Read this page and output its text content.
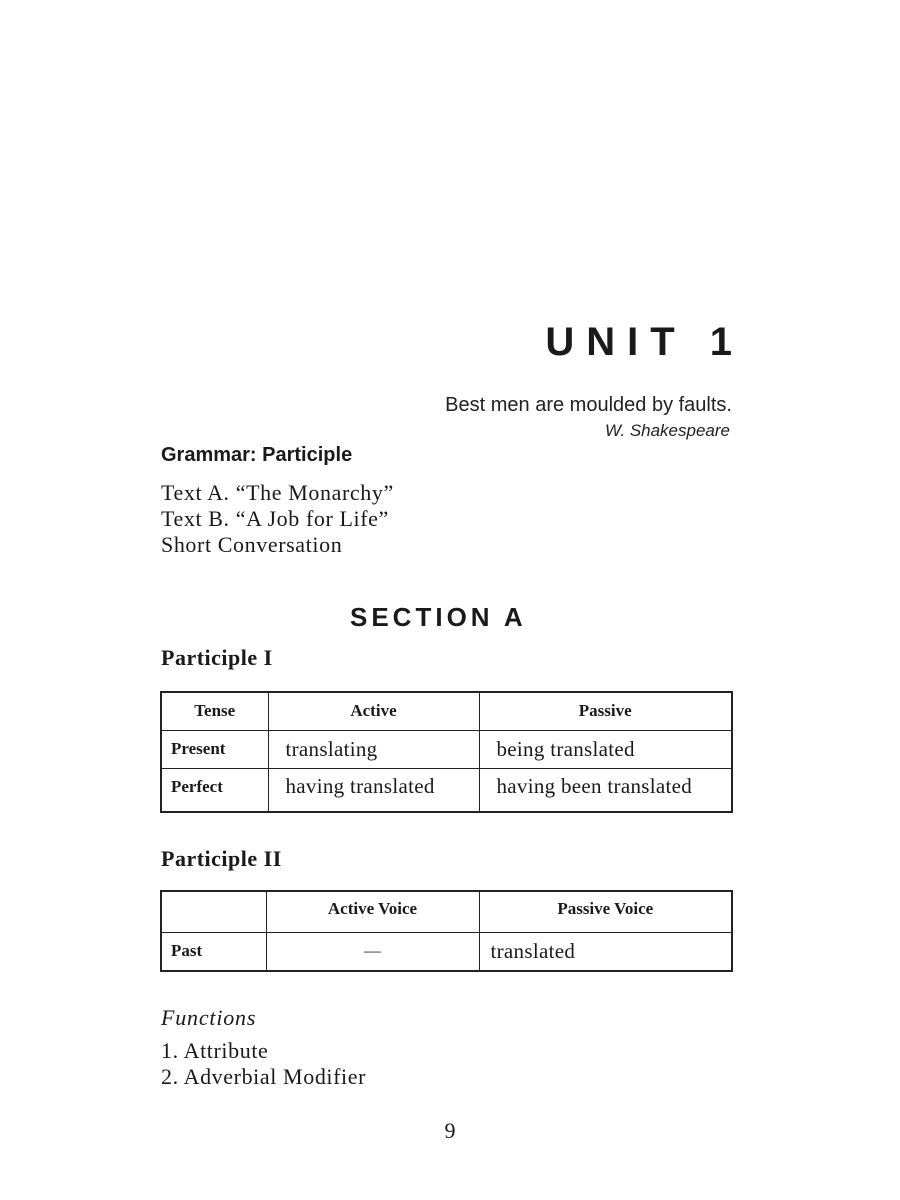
UNIT 1
Best men are moulded by faults.
W. Shakespeare
Grammar: Participle
Text A. “The Monarchy”
Text B. “A Job for Life”
Short Conversation
SECTION A
Participle I
Tense	Active	Passive
Present	translating	being translated
Perfect	having translated	having been translated
Participle II
	Active Voice	Passive Voice
Past	—	translated
Functions
1. Attribute
2. Adverbial Modifier
9
